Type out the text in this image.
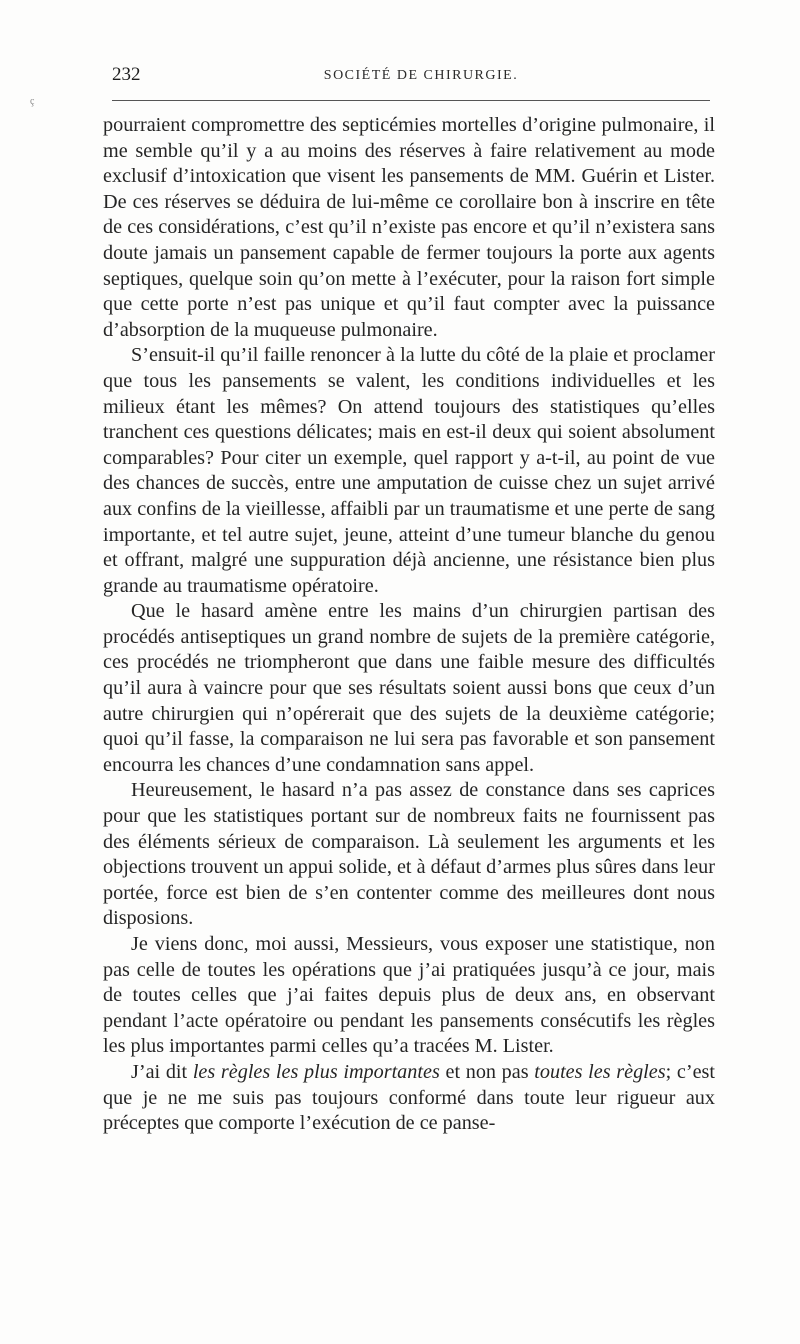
ç
232	SOCIÉTÉ DE CHIRURGIE.

pourraient compromettre des septicémies mortelles d’origine pulmonaire, il me semble qu’il y a au moins des réserves à faire relativement au mode exclusif d’intoxication que visent les pansements de MM. Guérin et Lister. De ces réserves se déduira de lui-même ce corollaire bon à inscrire en tête de ces considérations, c’est qu’il n’existe pas encore et qu’il n’existera sans doute jamais un pansement capable de fermer toujours la porte aux agents septiques, quelque soin qu’on mette à l’exécuter, pour la raison fort simple que cette porte n’est pas unique et qu’il faut compter avec la puissance d’absorption de la muqueuse pulmonaire.

S’ensuit-il qu’il faille renoncer à la lutte du côté de la plaie et proclamer que tous les pansements se valent, les conditions individuelles et les milieux étant les mêmes? On attend toujours des statistiques qu’elles tranchent ces questions délicates; mais en est-il deux qui soient absolument comparables? Pour citer un exemple, quel rapport y a-t-il, au point de vue des chances de succès, entre une amputation de cuisse chez un sujet arrivé aux confins de la vieillesse, affaibli par un traumatisme et une perte de sang importante, et tel autre sujet, jeune, atteint d’une tumeur blanche du genou et offrant, malgré une suppuration déjà ancienne, une résistance bien plus grande au traumatisme opératoire.

Que le hasard amène entre les mains d’un chirurgien partisan des procédés antiseptiques un grand nombre de sujets de la première catégorie, ces procédés ne triompheront que dans une faible mesure des difficultés qu’il aura à vaincre pour que ses résultats soient aussi bons que ceux d’un autre chirurgien qui n’opérerait que des sujets de la deuxième catégorie; quoi qu’il fasse, la comparaison ne lui sera pas favorable et son pansement encourra les chances d’une condamnation sans appel.

Heureusement, le hasard n’a pas assez de constance dans ses caprices pour que les statistiques portant sur de nombreux faits ne fournissent pas des éléments sérieux de comparaison. Là seulement les arguments et les objections trouvent un appui solide, et à défaut d’armes plus sûres dans leur portée, force est bien de s’en contenter comme des meilleures dont nous disposions.

Je viens donc, moi aussi, Messieurs, vous exposer une statistique, non pas celle de toutes les opérations que j’ai pratiquées jusqu’à ce jour, mais de toutes celles que j’ai faites depuis plus de deux ans, en observant pendant l’acte opératoire ou pendant les pansements consécutifs les règles les plus importantes parmi celles qu’a tracées M. Lister.

J’ai dit les règles les plus importantes et non pas toutes les règles; c’est que je ne me suis pas toujours conformé dans toute leur rigueur aux préceptes que comporte l’exécution de ce panse-
